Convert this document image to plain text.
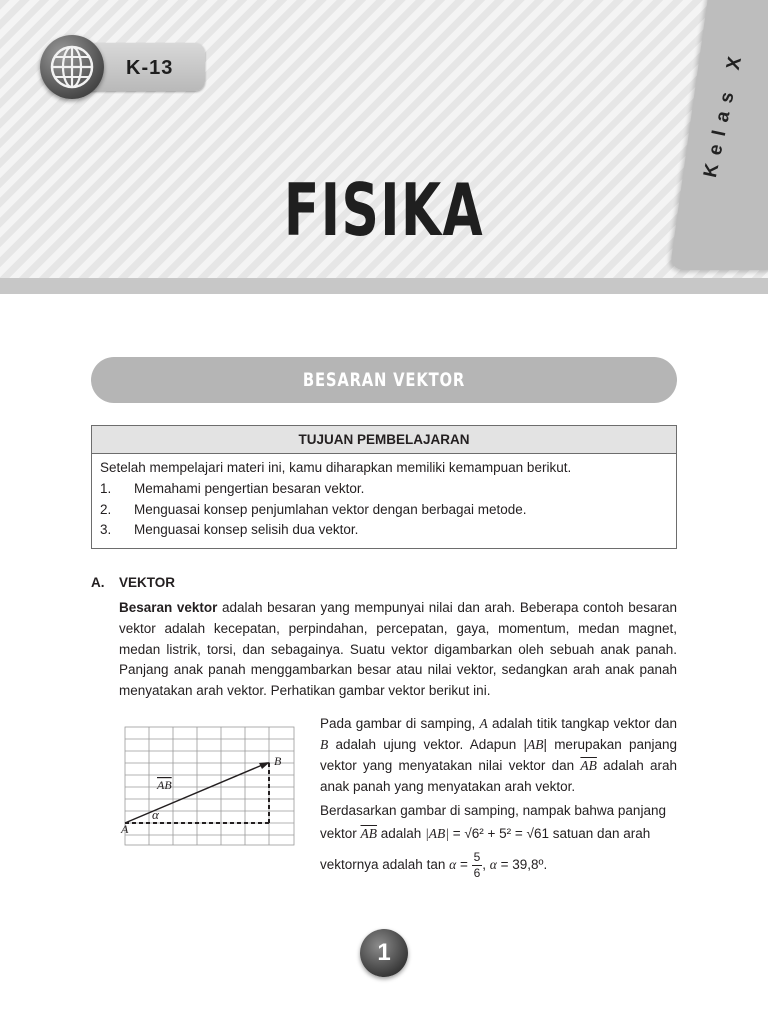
Kelas X
K-13
FISIKA
BESARAN VEKTOR
TUJUAN PEMBELAJARAN
Setelah mempelajari materi ini, kamu diharapkan memiliki kemampuan berikut.
1.	Memahami pengertian besaran vektor.
2.	Menguasai konsep penjumlahan vektor dengan berbagai metode.
3.	Menguasai konsep selisih dua vektor.
A. VEKTOR
Besaran vektor adalah besaran yang mempunyai nilai dan arah. Beberapa contoh besaran vektor adalah kecepatan, perpindahan, percepatan, gaya, momentum, medan magnet, medan listrik, torsi, dan sebagainya. Suatu vektor digambarkan oleh sebuah anak panah. Panjang anak panah menggambarkan besar atau nilai vektor, sedangkan arah anak panah menyatakan arah vektor. Perhatikan gambar vektor berikut ini.
A
B
AB
α
Pada gambar di samping, A adalah titik tangkap vektor dan B adalah ujung vektor. Adapun |AB| merupakan panjang vektor yang menyatakan nilai vektor dan $\overline{AB}$ adalah arah anak panah yang menyatakan arah vektor.
Berdasarkan gambar di samping, nampak bahwa panjang
vektor $\overline{AB}$ adalah |AB| = √6² + 5² = √61 satuan dan arah
vektornya adalah $\tan \alpha = \frac{5}{6}$ , α = 39,8º.
1
